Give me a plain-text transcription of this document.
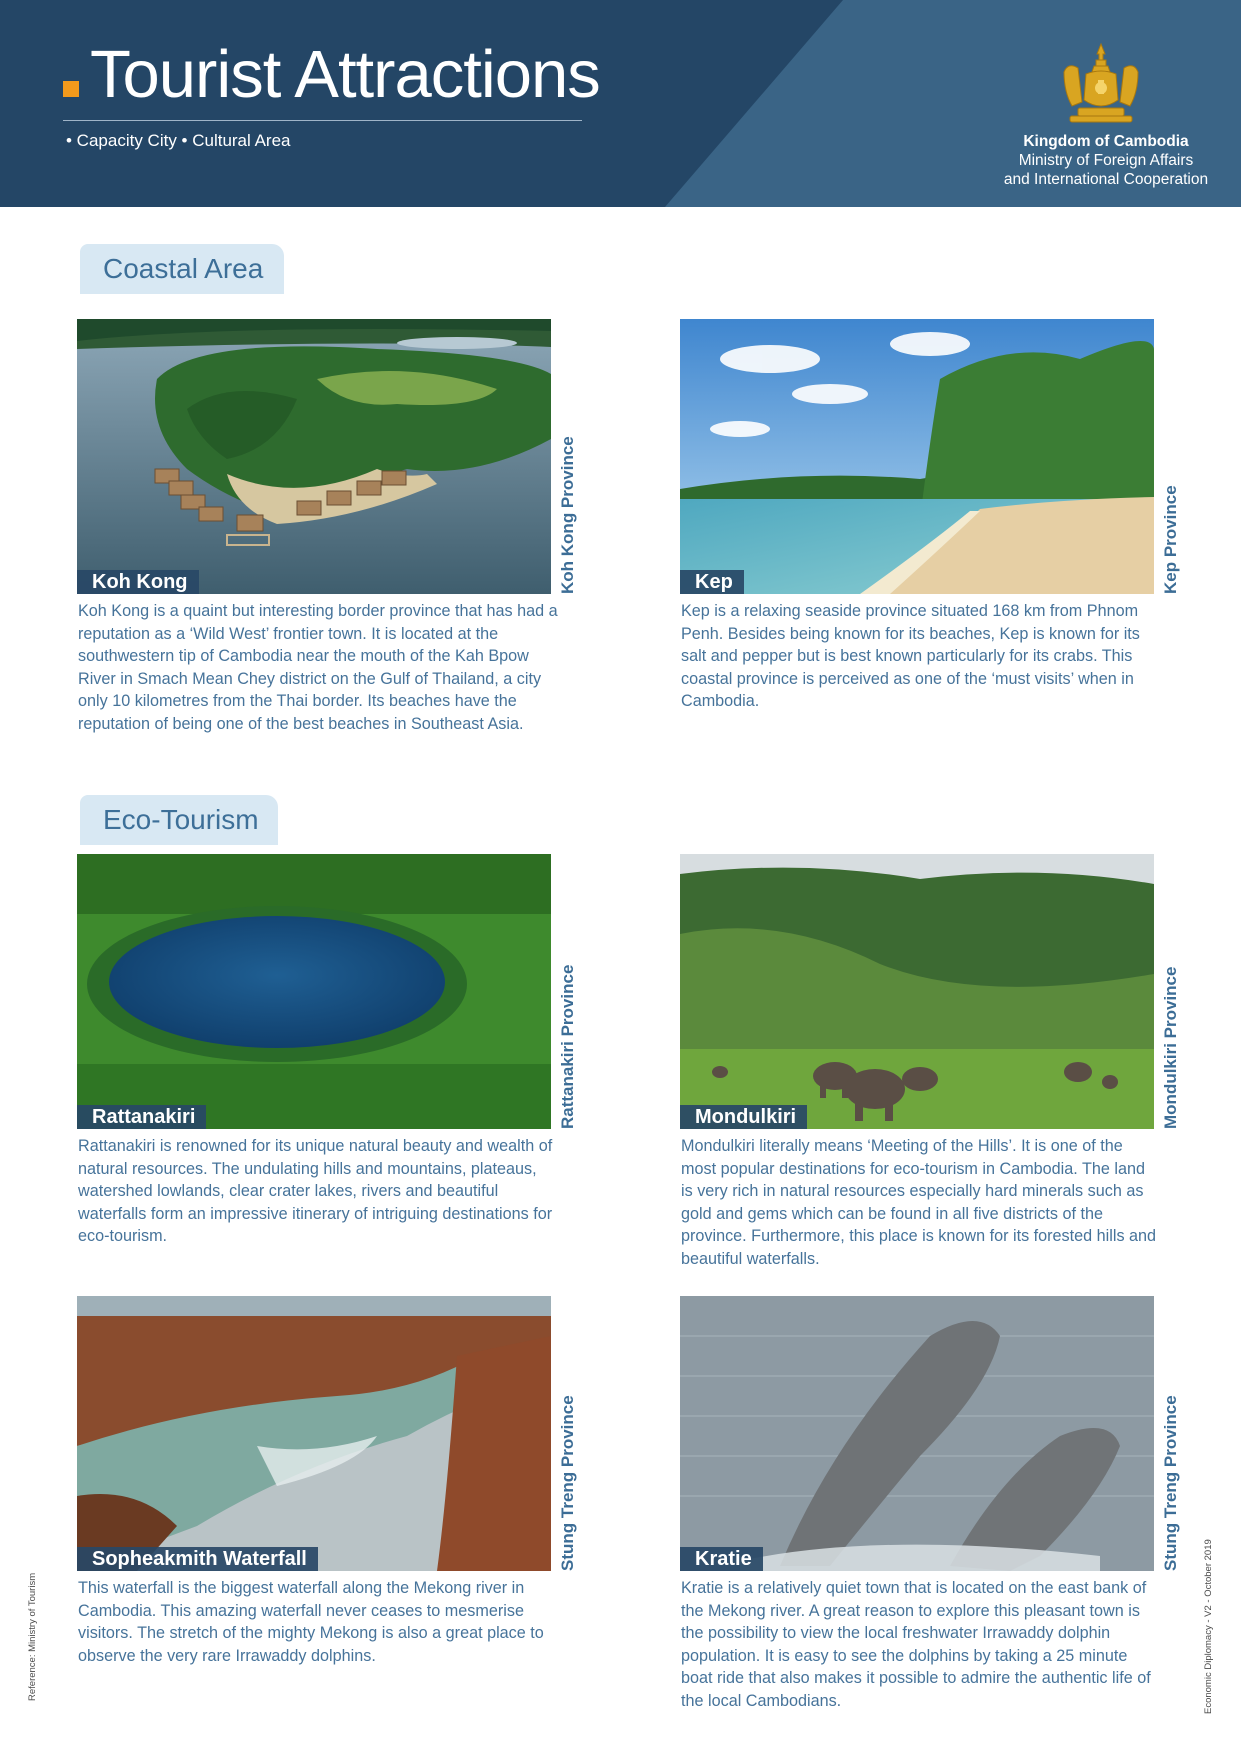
Tourist Attractions
• Capacity City • Cultural Area	Kingdom of Cambodia
Ministry of Foreign Affairs
and International Cooperation
Coastal Area
Koh Kong	Koh Kong Province

Koh Kong is a quaint but interesting border province that has had a reputation as a ‘Wild West’ frontier town. It is located at the southwestern tip of Cambodia near the mouth of the Kah Bpow River in Smach Mean Chey district on the Gulf of Thailand, a city only 10 kilometres from the Thai border. Its beaches have the reputation of being one of the best beaches in Southeast Asia.

Kep	Kep Province

Kep is a relaxing seaside province situated 168 km from Phnom Penh. Besides being known for its beaches, Kep is known for its salt and pepper but is best known particularly for its crabs. This coastal province is perceived as one of the ‘must visits’ when in Cambodia.

Eco-Tourism
Rattanakiri	Rattanakiri Province

Rattanakiri is renowned for its unique natural beauty and wealth of natural resources. The undulating hills and mountains, plateaus, watershed lowlands, clear crater lakes, rivers and beautiful waterfalls form an impressive itinerary of intriguing destinations for eco-tourism.

Mondulkiri	Mondulkiri Province

Mondulkiri literally means ‘Meeting of the Hills’. It is one of the most popular destinations for eco-tourism in Cambodia. The land is very rich in natural resources especially hard minerals such as gold and gems which can be found in all five districts of the province. Furthermore, this place is known for its forested hills and beautiful waterfalls.

Sopheakmith Waterfall	Stung Treng Province

This waterfall is the biggest waterfall along the Mekong river in Cambodia. This amazing waterfall never ceases to mesmerise visitors. The stretch of the mighty Mekong is also a great place to observe the very rare Irrawaddy dolphins.

Kratie	Stung Treng Province

Kratie is a relatively quiet town that is located on the east bank of the Mekong river. A great reason to explore this pleasant town is the possibility to view the local freshwater Irrawaddy dolphin population. It is easy to see the dolphins by taking a 25 minute boat ride that also makes it possible to admire the authentic life of the local Cambodians.

Reference: Ministry of Tourism	Economic Diplomacy - V2 - October 2019
